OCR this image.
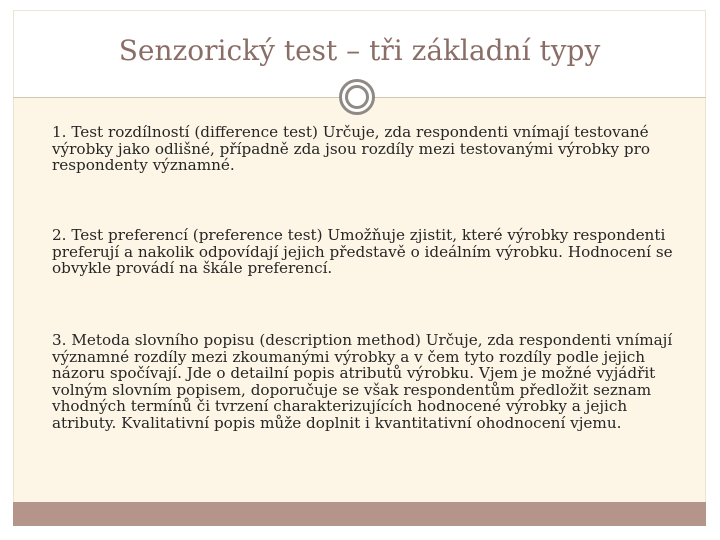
Senzorický test – tři základní typy
1. Test rozdílností (difference test) Určuje, zda respondenti vnímají testované výrobky jako odlišné, případně zda jsou rozdíly mezi testovanými výrobky pro respondenty významné.
2. Test preferencí (preference test) Umožňuje zjistit, které výrobky respondenti preferují a nakolik odpovídají jejich představě o ideálním výrobku. Hodnocení se obvykle provádí na škále preferencí.
3. Metoda slovního popisu (description method) Určuje, zda respondenti vnímají významné rozdíly mezi zkoumanými výrobky a v čem tyto rozdíly podle jejich názoru spočívají. Jde o detailní popis atributů výrobku. Vjem je možné vyjádřit volným slovním popisem, doporučuje se však respondentům předložit seznam vhodných termínů či tvrzení charakterizujících hodnocené výrobky a jejich atributy. Kvalitativní popis může doplnit i kvantitativní ohodnocení vjemu.
